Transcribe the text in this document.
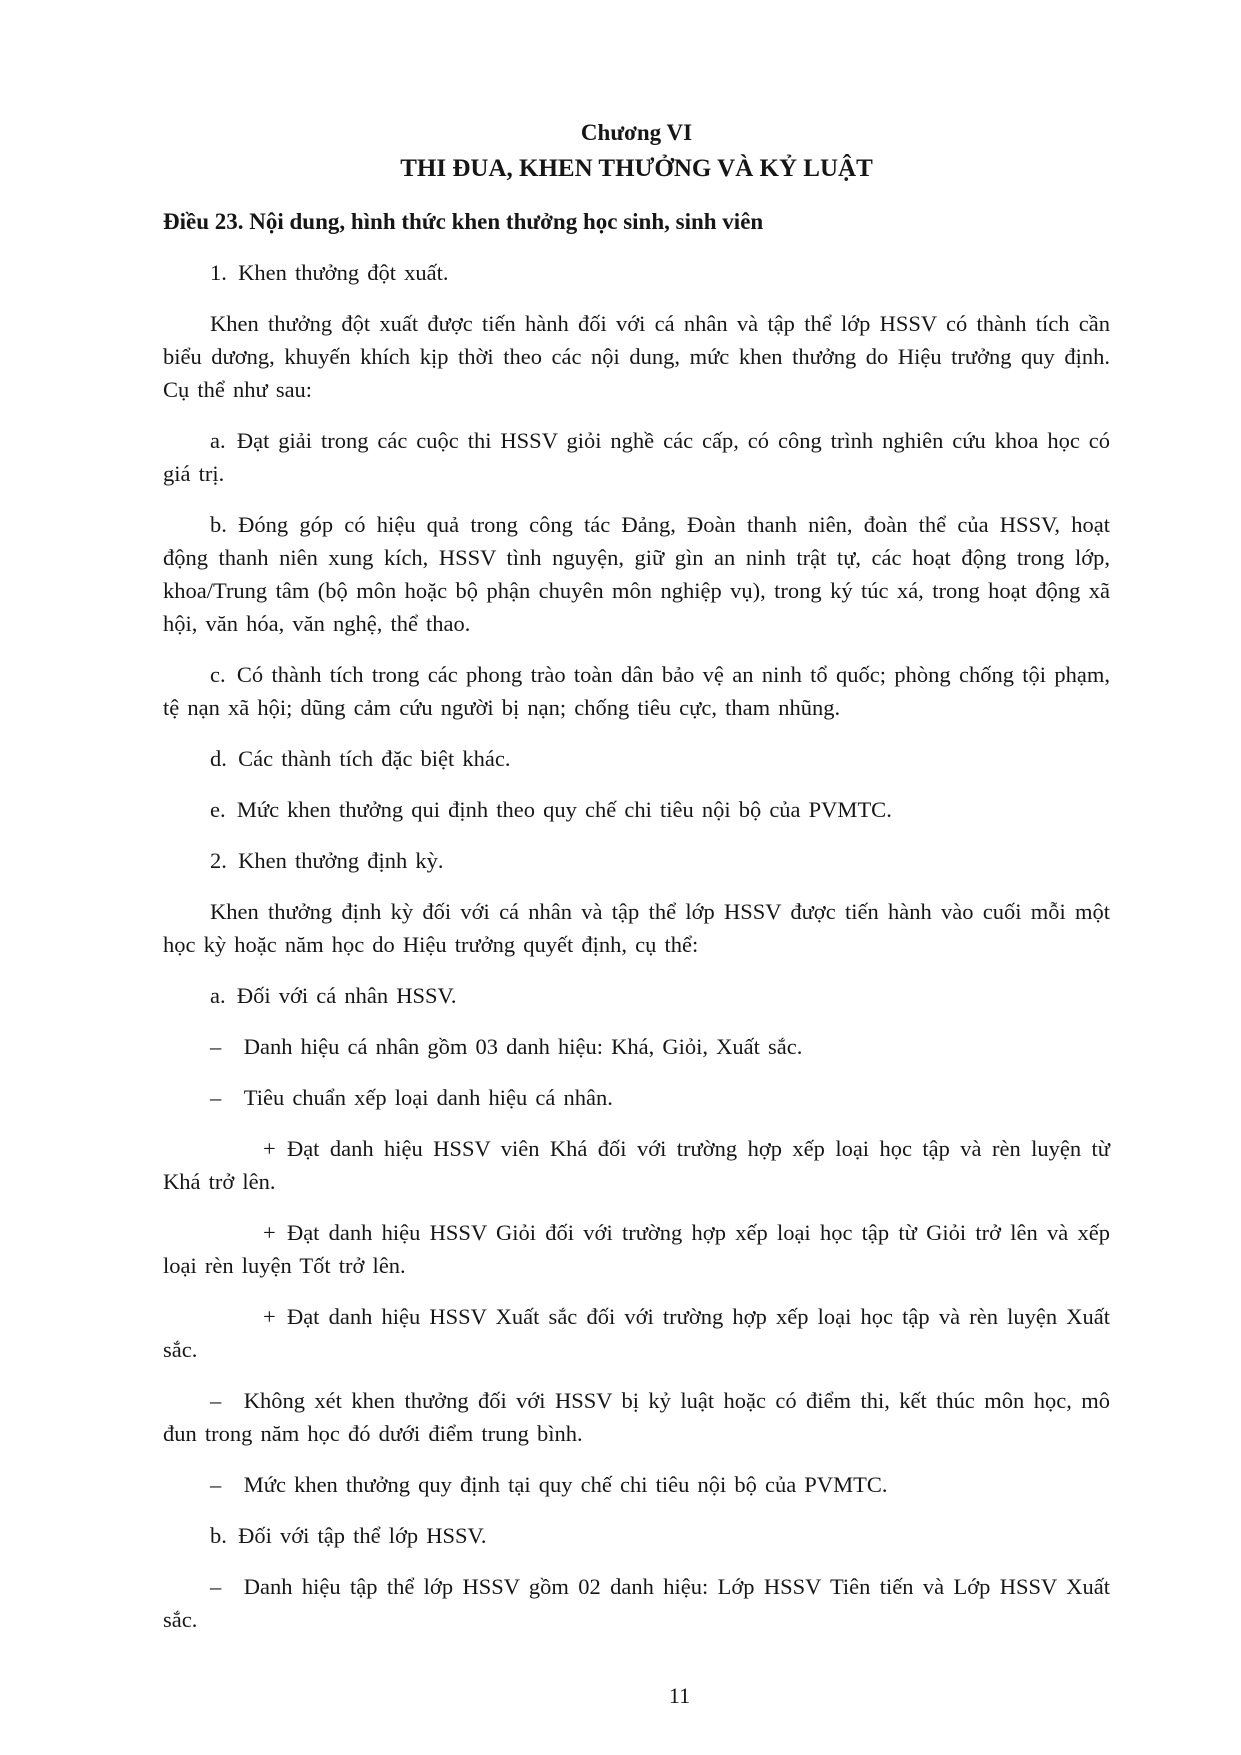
Chương VI
THI ĐUA, KHEN THƯỞNG VÀ KỶ LUẬT
Điều 23. Nội dung, hình thức khen thưởng học sinh, sinh viên

1. Khen thưởng đột xuất.

Khen thưởng đột xuất được tiến hành đối với cá nhân và tập thể lớp HSSV có thành tích cần biểu dương, khuyến khích kịp thời theo các nội dung, mức khen thưởng do Hiệu trưởng quy định. Cụ thể như sau:

a. Đạt giải trong các cuộc thi HSSV giỏi nghề các cấp, có công trình nghiên cứu khoa học có giá trị.

b. Đóng góp có hiệu quả trong công tác Đảng, Đoàn thanh niên, đoàn thể của HSSV, hoạt động thanh niên xung kích, HSSV tình nguyện, giữ gìn an ninh trật tự, các hoạt động trong lớp, khoa/Trung tâm (bộ môn hoặc bộ phận chuyên môn nghiệp vụ), trong ký túc xá, trong hoạt động xã hội, văn hóa, văn nghệ, thể thao.

c. Có thành tích trong các phong trào toàn dân bảo vệ an ninh tổ quốc; phòng chống tội phạm, tệ nạn xã hội; dũng cảm cứu người bị nạn; chống tiêu cực, tham nhũng.

d. Các thành tích đặc biệt khác.

e. Mức khen thưởng qui định theo quy chế chi tiêu nội bộ của PVMTC.

2. Khen thưởng định kỳ.

Khen thưởng định kỳ đối với cá nhân và tập thể lớp HSSV được tiến hành vào cuối mỗi một học kỳ hoặc năm học do Hiệu trưởng quyết định, cụ thể:

a. Đối với cá nhân HSSV.

– Danh hiệu cá nhân gồm 03 danh hiệu: Khá, Giỏi, Xuất sắc.

– Tiêu chuẩn xếp loại danh hiệu cá nhân.

+ Đạt danh hiệu HSSV viên Khá đối với trường hợp xếp loại học tập và rèn luyện từ Khá trở lên.

+ Đạt danh hiệu HSSV Giỏi đối với trường hợp xếp loại học tập từ Giỏi trở lên và xếp loại rèn luyện Tốt trở lên.

+ Đạt danh hiệu HSSV Xuất sắc đối với trường hợp xếp loại học tập và rèn luyện Xuất sắc.

– Không xét khen thưởng đối với HSSV bị kỷ luật hoặc có điểm thi, kết thúc môn học, mô đun trong năm học đó dưới điểm trung bình.

– Mức khen thưởng quy định tại quy chế chi tiêu nội bộ của PVMTC.

b. Đối với tập thể lớp HSSV.

– Danh hiệu tập thể lớp HSSV gồm 02 danh hiệu: Lớp HSSV Tiên tiến và Lớp HSSV Xuất sắc.

11
